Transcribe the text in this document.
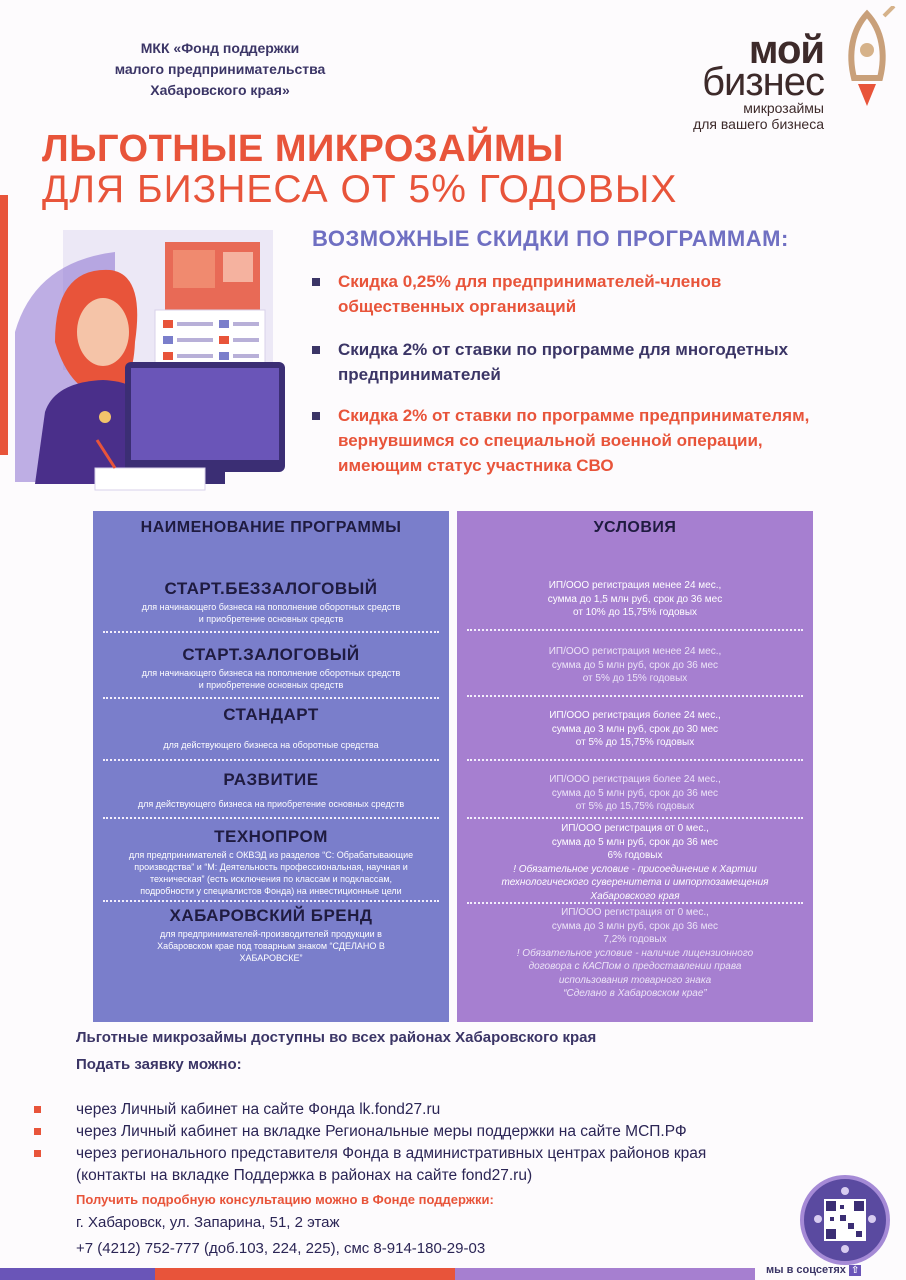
МКК «Фонд поддержки
малого предпринимательства
Хабаровского края»
мой
бизнес
микрозаймы
для вашего бизнеса
ЛЬГОТНЫЕ МИКРОЗАЙМЫ
ДЛЯ БИЗНЕСА ОТ 5% ГОДОВЫХ
ВОЗМОЖНЫЕ СКИДКИ ПО ПРОГРАММАМ:
Скидка 0,25% для предпринимателей-членов
общественных организаций
Скидка 2% от ставки по программе для многодетных
предпринимателей
Скидка 2% от ставки по программе предпринимателям,
вернувшимся со специальной военной операции,
имеющим статус участника СВО
НАИМЕНОВАНИЕ ПРОГРАММЫ
СТАРТ.БЕЗЗАЛОГОВЫЙ
для начинающего бизнеса на пополнение оборотных средств
и приобретение основных средств
СТАРТ.ЗАЛОГОВЫЙ
для начинающего бизнеса на пополнение оборотных средств
и приобретение основных средств
СТАНДАРТ
для действующего бизнеса на оборотные средства
РАЗВИТИЕ
для действующего бизнеса на приобретение основных средств
ТЕХНОПРОМ
для предпринимателей с ОКВЭД из разделов “C: Обрабатывающие
производства” и “M: Деятельность профессиональная, научная и
техническая” (есть исключения по классам и подклассам,
подробности у специалистов Фонда) на инвестиционные цели
ХАБАРОВСКИЙ БРЕНД
для предпринимателей-производителей продукции в
Хабаровском крае под товарным знаком “СДЕЛАНО В
ХАБАРОВСКЕ”
УСЛОВИЯ
ИП/ООО регистрация менее 24 мес.,
сумма до 1,5 млн руб, срок до 36 мес
от 10% до 15,75% годовых
ИП/ООО регистрация менее 24 мес.,
сумма до 5 млн руб, срок до 36 мес
от 5% до 15% годовых
ИП/ООО регистрация более 24 мес.,
сумма до 3 млн руб, срок до 30 мес
от 5% до 15,75% годовых
ИП/ООО регистрация более 24 мес.,
сумма до 5 млн руб, срок до 36 мес
от 5% до 15,75% годовых
ИП/ООО регистрация от 0 мес.,
сумма до 5 млн руб, срок до 36 мес
6% годовых
! Обязательное условие - присоединение к Хартии
технологического суверенитета и импортозамещения
Хабаровского края
ИП/ООО регистрация от 0 мес.,
сумма до 3 млн руб, срок до 36 мес
7,2% годовых
! Обязательное условие - наличие лицензионного
договора с КАСПом о предоставлении права
использования товарного знака
“Сделано в Хабаровском крае”
Льготные микрозаймы доступны во всех районах Хабаровского края
Подать заявку можно:
через Личный кабинет на сайте Фонда lk.fond27.ru
через Личный кабинет на вкладке Региональные меры поддержки на сайте МСП.РФ
через регионального представителя Фонда в административных центрах районов края
(контакты на вкладке Поддержка в районах на сайте fond27.ru)
Получить подробную консультацию можно в Фонде поддержки:
г. Хабаровск, ул. Запарина, 51, 2 этаж
+7 (4212) 752-777 (доб.103, 224, 225), смс 8-914-180-29-03
мы в соцсетях ⇧
